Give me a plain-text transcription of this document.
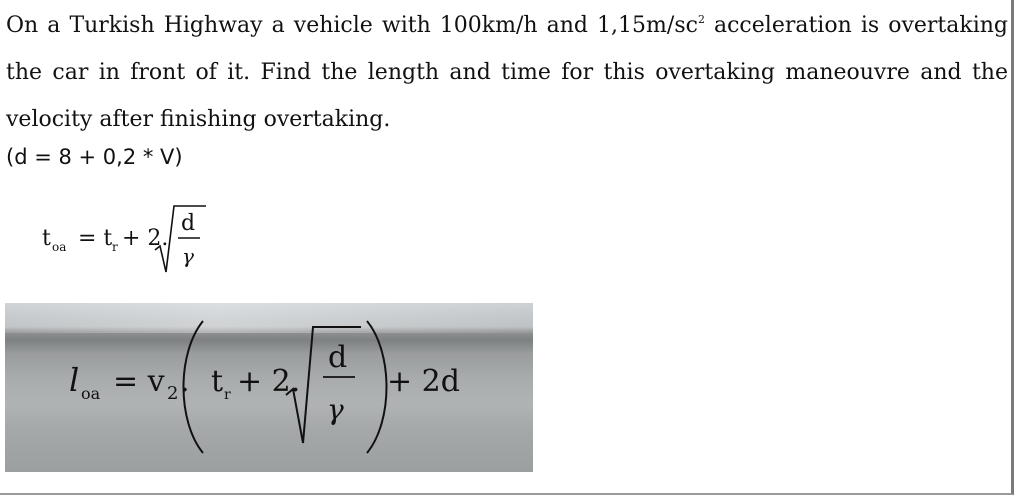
On a Turkish Highway a vehicle with 100km/h and $1,15m/sc^2$ acceleration is overtaking the car in front of it. Find the length and time for this overtaking maneouvre and the velocity after finishing overtaking.

(d = 8 + 0,2 * V)
t oa = t r + 2.
d
γ
l oa = v 2 . t r + 2.
d
γ
+ 2d
